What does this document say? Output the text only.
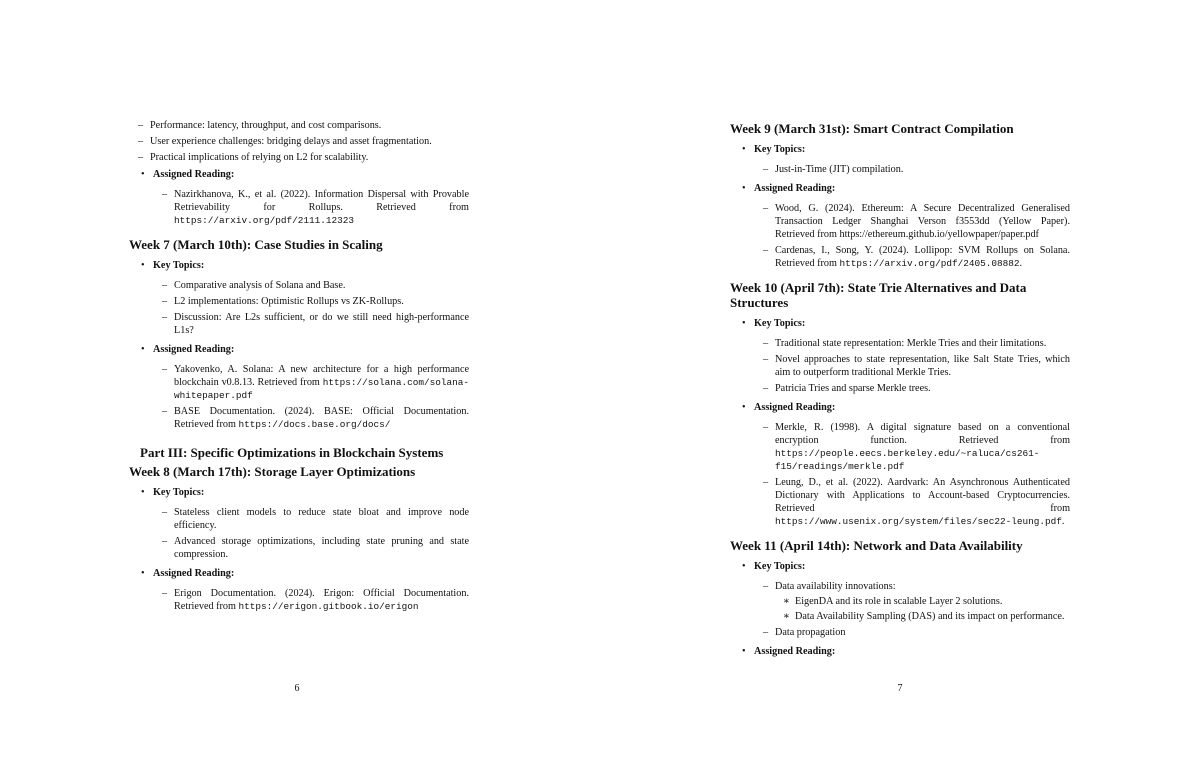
– Performance: latency, throughput, and cost comparisons.
– User experience challenges: bridging delays and asset fragmentation.
– Practical implications of relying on L2 for scalability.
• Assigned Reading:
– Nazirkhanova, K., et al. (2022). Information Dispersal with Provable Retrievability for Rollups. Retrieved from https://arxiv.org/pdf/2111.12323
Week 7 (March 10th): Case Studies in Scaling
• Key Topics:
– Comparative analysis of Solana and Base.
– L2 implementations: Optimistic Rollups vs ZK-Rollups.
– Discussion: Are L2s sufficient, or do we still need high-performance L1s?
• Assigned Reading:
– Yakovenko, A. Solana: A new architecture for a high performance blockchain v0.8.13. Retrieved from https://solana.com/solana-whitepaper.pdf
– BASE Documentation. (2024). BASE: Official Documentation. Retrieved from https://docs.base.org/docs/
Part III: Specific Optimizations in Blockchain Systems
Week 8 (March 17th): Storage Layer Optimizations
• Key Topics:
– Stateless client models to reduce state bloat and improve node efficiency.
– Advanced storage optimizations, including state pruning and state compression.
• Assigned Reading:
– Erigon Documentation. (2024). Erigon: Official Documentation. Retrieved from https://erigon.gitbook.io/erigon
6
Week 9 (March 31st): Smart Contract Compilation
• Key Topics:
– Just-in-Time (JIT) compilation.
• Assigned Reading:
– Wood, G. (2024). Ethereum: A Secure Decentralized Generalised Transaction Ledger Shanghai Verson f3553dd (Yellow Paper). Retrieved from https://ethereum.github.io/yellowpaper/paper.pdf
– Cardenas, I., Song, Y. (2024). Lollipop: SVM Rollups on Solana. Retrieved from https://arxiv.org/pdf/2405.08882.
Week 10 (April 7th): State Trie Alternatives and Data Structures
• Key Topics:
– Traditional state representation: Merkle Tries and their limitations.
– Novel approaches to state representation, like Salt State Tries, which aim to outperform traditional Merkle Tries.
– Patricia Tries and sparse Merkle trees.
• Assigned Reading:
– Merkle, R. (1998). A digital signature based on a conventional encryption function. Retrieved from https://people.eecs.berkeley.edu/~raluca/cs261-f15/readings/merkle.pdf
– Leung, D., et al. (2022). Aardvark: An Asynchronous Authenticated Dictionary with Applications to Account-based Cryptocurrencies. Retrieved from https://www.usenix.org/system/files/sec22-leung.pdf.
Week 11 (April 14th): Network and Data Availability
• Key Topics:
– Data availability innovations:
∗ EigenDA and its role in scalable Layer 2 solutions.
∗ Data Availability Sampling (DAS) and its impact on performance.
– Data propagation
• Assigned Reading:
7
